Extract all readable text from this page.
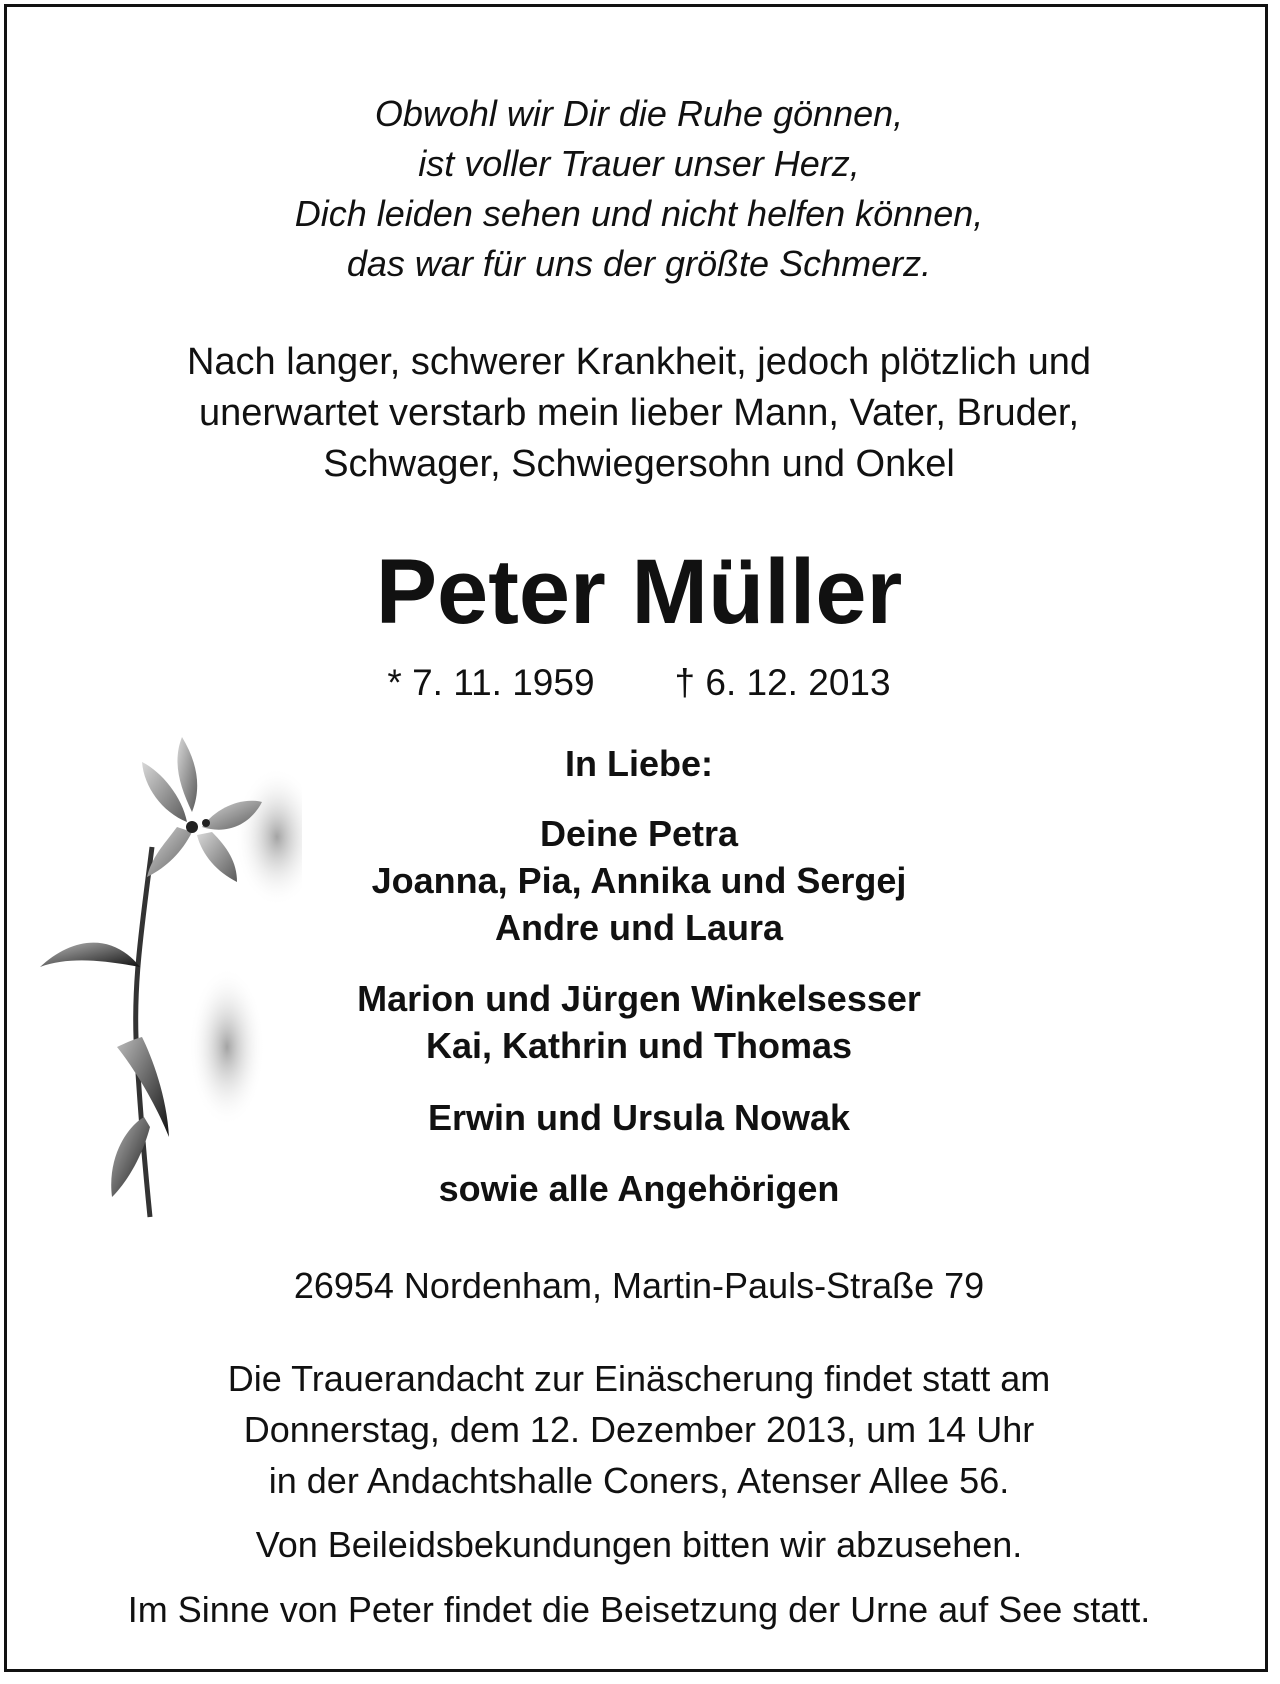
Obwohl wir Dir die Ruhe gönnen,
ist voller Trauer unser Herz,
Dich leiden sehen und nicht helfen können,
das war für uns der größte Schmerz.
Nach langer, schwerer Krankheit, jedoch plötzlich und
unerwartet verstarb mein lieber Mann, Vater, Bruder,
Schwager, Schwiegersohn und Onkel
Peter Müller
* 7. 11. 1959 † 6. 12. 2013
In Liebe:
Deine Petra
Joanna, Pia, Annika und Sergej
Andre und Laura
Marion und Jürgen Winkelsesser
Kai, Kathrin und Thomas
Erwin und Ursula Nowak
sowie alle Angehörigen
26954 Nordenham, Martin-Pauls-Straße 79
Die Trauerandacht zur Einäscherung findet statt am
Donnerstag, dem 12. Dezember 2013, um 14 Uhr
in der Andachtshalle Coners, Atenser Allee 56.
Von Beileidsbekundungen bitten wir abzusehen.
Im Sinne von Peter findet die Beisetzung der Urne auf See statt.
